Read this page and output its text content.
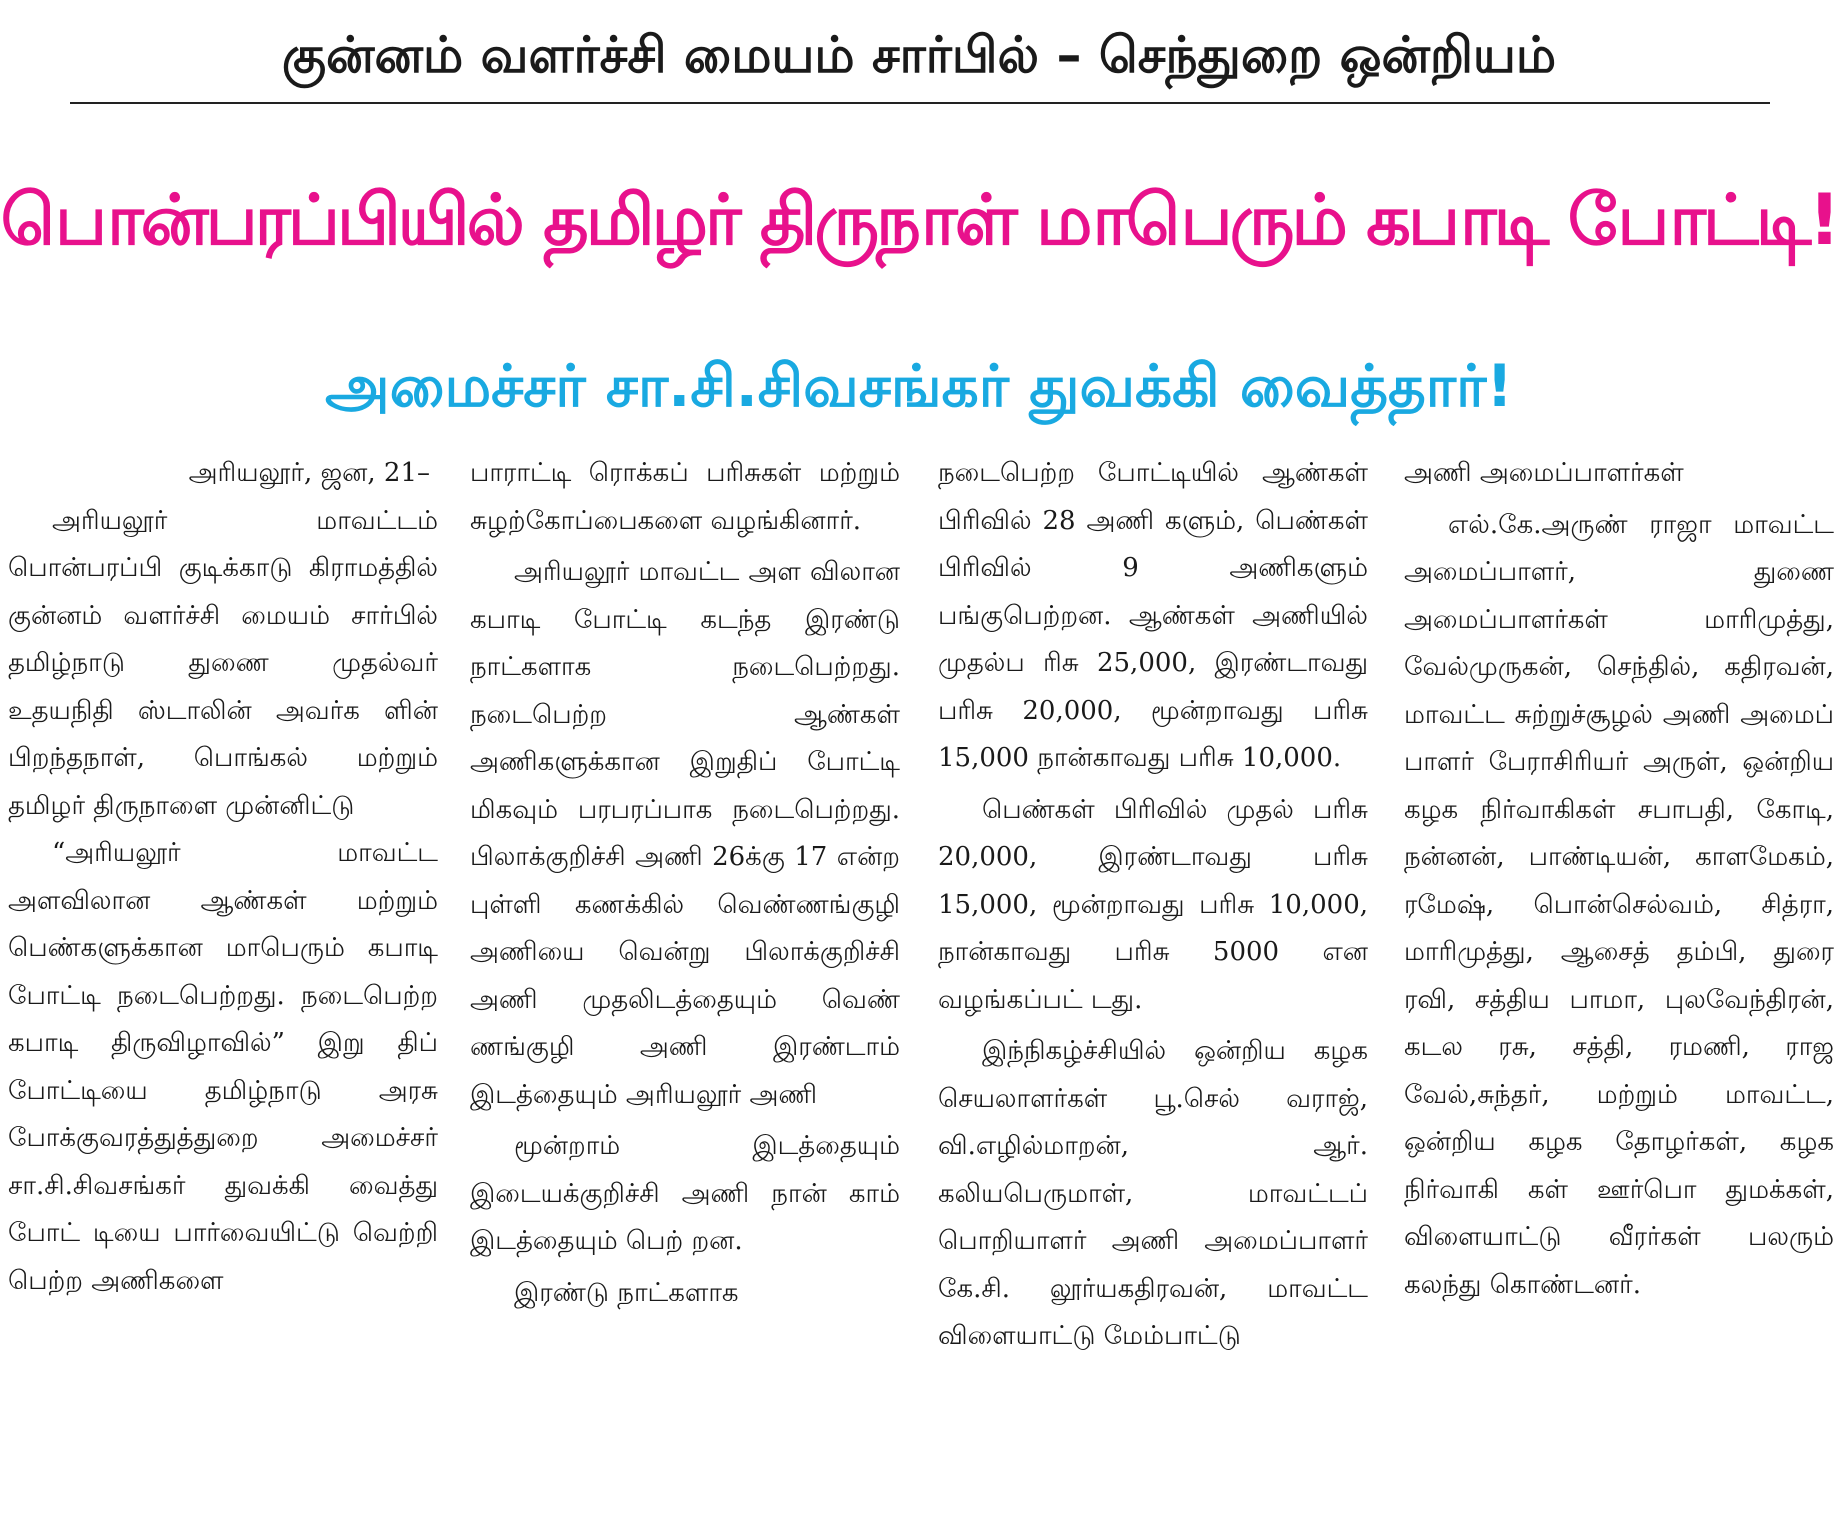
குன்னம் வளர்ச்சி மையம் சார்பில் – செந்துறை ஒன்றியம்
பொன்பரப்பியில் தமிழர் திருநாள் மாபெரும் கபாடி போட்டி!
அமைச்சர் சா.சி.சிவசங்கர் துவக்கி வைத்தார்!

அரியலூர், ஜன, 21–

அரியலூர் மாவட்டம் பொன்பரப்பி குடிக்காடு கிராமத்தில் குன்னம் வளர்ச்சி மையம் சார்பில் தமிழ்நாடு துணை முதல்வர் உதயநிதி ஸ்டாலின் அவர்க ளின் பிறந்தநாள், பொங்கல் மற்றும் தமிழர் திருநாளை முன்னிட்டு

“அரியலூர் மாவட்ட அளவிலான ஆண்கள் மற்றும் பெண்களுக்கான மாபெரும் கபாடி போட்டி நடைபெற்றது. நடைபெற்ற கபாடி திருவிழாவில்” இறு திப் போட்டியை தமிழ்நாடு அரசு போக்குவரத்துத்துறை அமைச்சர் சா.சி.சிவசங்கர் துவக்கி வைத்து போட் டியை பார்வையிட்டு வெற்றி பெற்ற அணிகளை

பாராட்டி ரொக்கப் பரிசுகள் மற்றும் சுழற்கோப்பைகளை வழங்கினார்.

அரியலூர் மாவட்ட அள விலான கபாடி போட்டி கடந்த இரண்டு நாட்களாக நடைபெற்றது. நடைபெற்ற ஆண்கள் அணிகளுக்கான இறுதிப் போட்டி மிகவும் பரபரப்பாக நடைபெற்றது. பிலாக்குறிச்சி அணி 26க்கு 17 என்ற புள்ளி கணக்கில் வெண்ணங்குழி அணியை வென்று பிலாக்குறிச்சி அணி முதலிடத்தையும் வெண் ணங்குழி அணி இரண்டாம் இடத்தையும் அரியலூர் அணி

மூன்றாம் இடத்தையும் இடையக்குறிச்சி அணி நான் காம் இடத்தையும் பெற் றன.

இரண்டு நாட்களாக

நடைபெற்ற போட்டியில் ஆண்கள் பிரிவில் 28 அணி களும், பெண்கள் பிரிவில் 9 அணிகளும் பங்குபெற்றன. ஆண்கள் அணியில் முதல்ப ரிசு 25,000, இரண்டாவது பரிசு 20,000, மூன்றாவது பரிசு 15,000 நான்காவது பரிசு 10,000.

பெண்கள் பிரிவில் முதல் பரிசு 20,000, இரண்டாவது பரிசு 15,000, மூன்றாவது பரிசு 10,000, நான்காவது பரிசு 5000 என வழங்கப்பட் டது.

இந்நிகழ்ச்சியில் ஒன்றிய கழக செயலாளர்கள் பூ.செல் வராஜ், வி.எழில்மாறன், ஆர். கலியபெருமாள், மாவட்டப் பொறியாளர் அணி அமைப்பாளர் கே.சி. லூர்யகதிரவன், மாவட்ட விளையாட்டு மேம்பாட்டு

அணி அமைப்பாளர்கள்

எல்.கே.அருண் ராஜா மாவட்ட அமைப்பாளர், துணை அமைப்பாளர்கள் மாரிமுத்து, வேல்முருகன், செந்தில், கதிரவன், மாவட்ட சுற்றுச்சூழல் அணி அமைப் பாளர் பேராசிரியர் அருள், ஒன்றிய கழக நிர்வாகிகள் சபாபதி, கோடி, நன்னன், பாண்டியன், காளமேகம், ரமேஷ், பொன்செல்வம், சித்ரா, மாரிமுத்து, ஆசைத் தம்பி, துரை ரவி, சத்திய பாமா, புலவேந்திரன், கடல ரசு, சத்தி, ரமணி, ராஜ வேல்,சுந்தர், மற்றும் மாவட்ட, ஒன்றிய கழக தோழர்கள், கழக நிர்வாகி கள் ஊர்பொ துமக்கள், விளையாட்டு வீரர்கள் பலரும் கலந்து கொண்டனர்.
